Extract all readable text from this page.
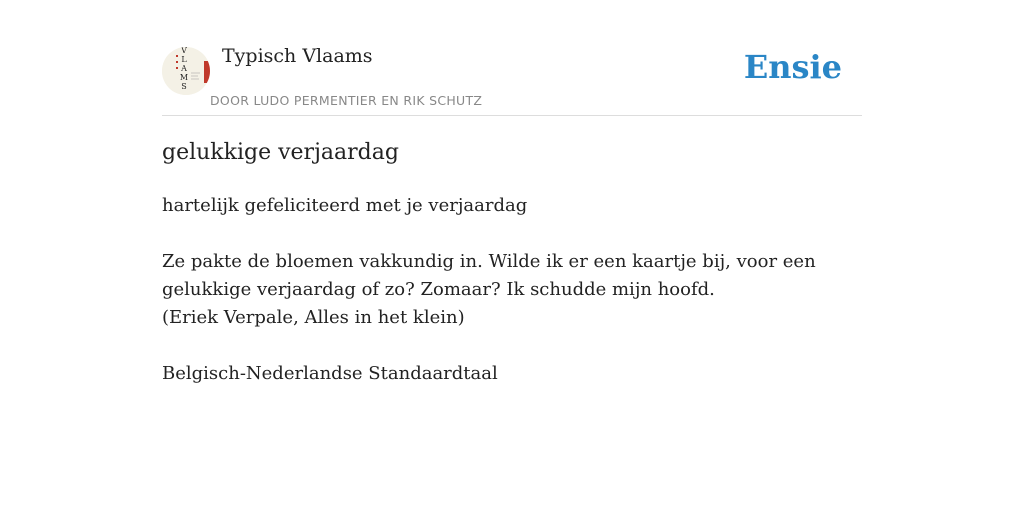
V
L
A
M
S
Typisch Vlaams
DOOR LUDO PERMENTIER EN RIK SCHUTZ
Ensie
gelukkige verjaardag

hartelijk gefeliciteerd met je verjaardag

Ze pakte de bloemen vakkundig in. Wilde ik er een kaartje bij, voor een gelukkige verjaardag of zo? Zomaar? Ik schudde mijn hoofd.

(Eriek Verpale, Alles in het klein)

Belgisch-Nederlandse Standaardtaal
